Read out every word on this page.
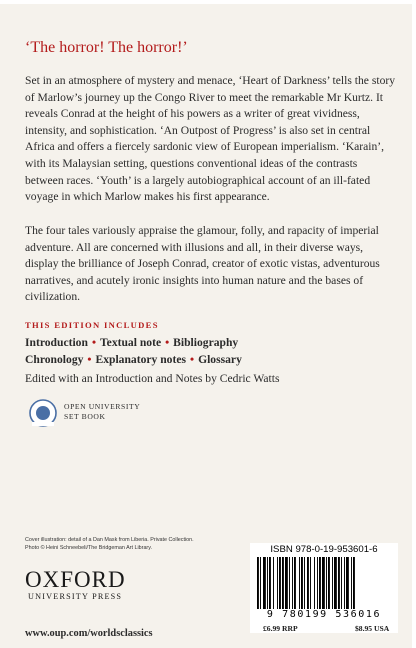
‘The horror! The horror!’
Set in an atmosphere of mystery and menace, ‘Heart of Darkness’ tells the story of Marlow’s journey up the Congo River to meet the remarkable Mr Kurtz. It reveals Conrad at the height of his powers as a writer of great vividness, intensity, and sophistication. ‘An Outpost of Progress’ is also set in central Africa and offers a fiercely sardonic view of European imperialism. ‘Karain’, with its Malaysian setting, questions conventional ideas of the contrasts between races. ‘Youth’ is a largely autobiographical account of an ill-fated voyage in which Marlow makes his first appearance.
The four tales variously appraise the glamour, folly, and rapacity of imperial adventure. All are concerned with illusions and all, in their diverse ways, display the brilliance of Joseph Conrad, creator of exotic vistas, adventurous narratives, and acutely ironic insights into human nature and the bases of civilization.
THIS EDITION INCLUDES
Introduction • Textual note • Bibliography
Chronology • Explanatory notes • Glossary
Edited with an Introduction and Notes by Cedric Watts
OPEN UNIVERSITY
SET BOOK
Cover illustration: detail of a Dan Mask from Liberia. Private Collection.
Photo © Heini Schneebeli/The Bridgeman Art Library.
OXFORD
UNIVERSITY PRESS
www.oup.com/worldsclassics
ISBN 978-0-19-953601-6
9 780199 536016
£6.99 RRP	$8.95 USA
